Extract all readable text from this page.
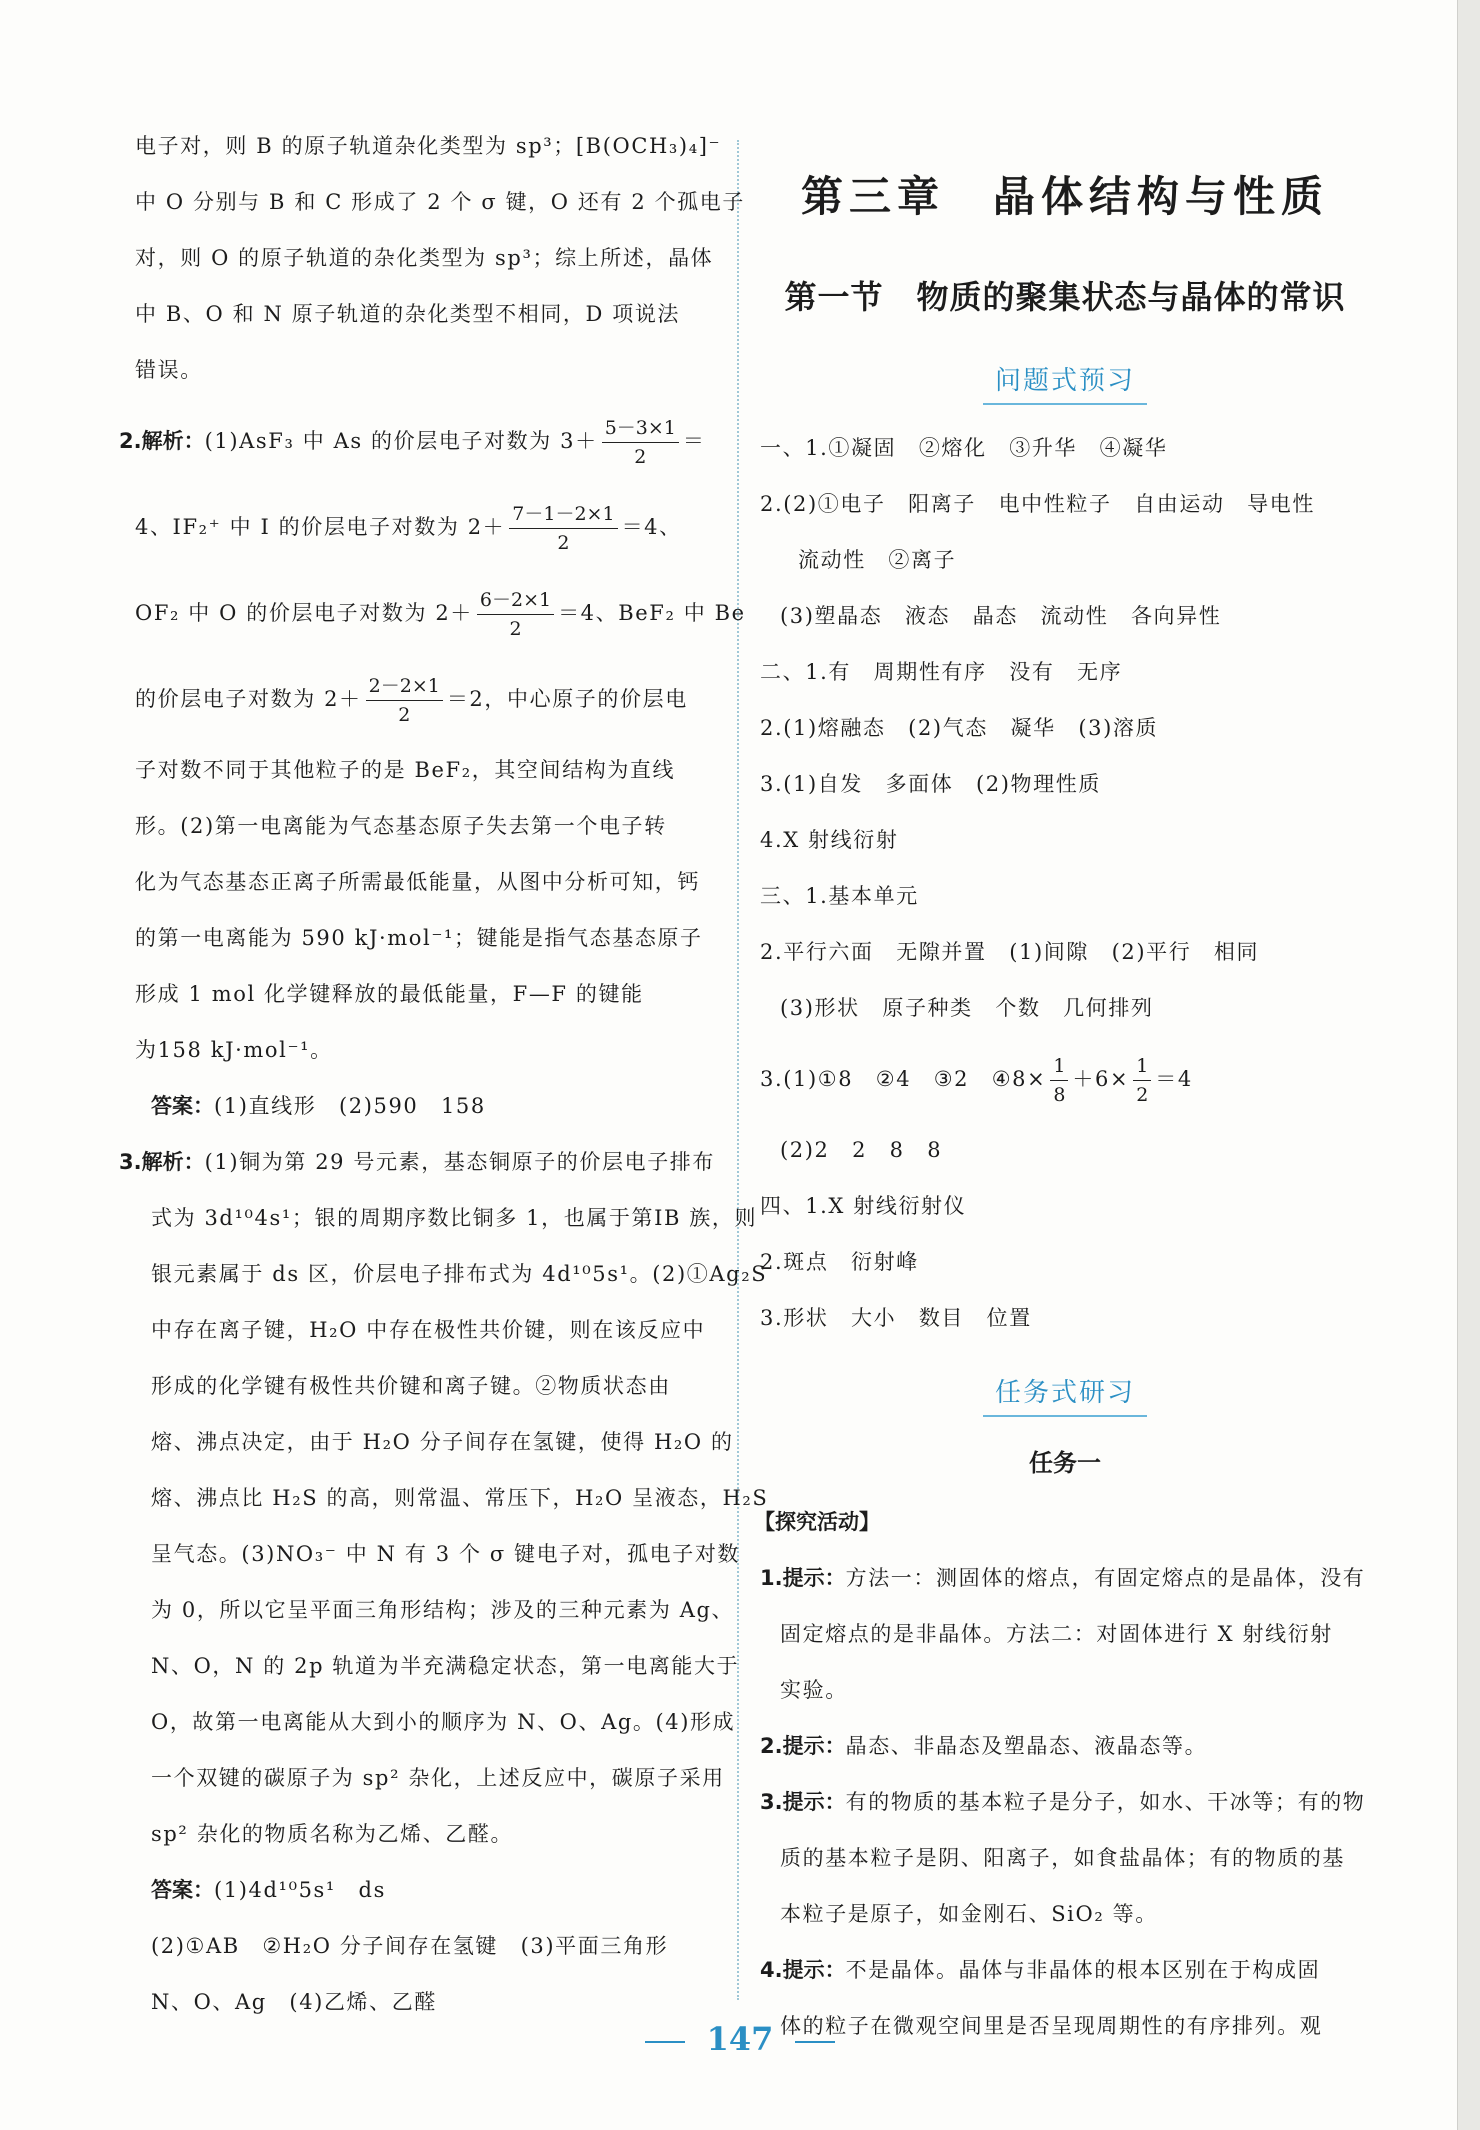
电子对，则 B 的原子轨道杂化类型为 sp³；[B(OCH₃)₄]⁻
中 O 分别与 B 和 C 形成了 2 个 σ 键，O 还有 2 个孤电子
对，则 O 的原子轨道的杂化类型为 sp³；综上所述，晶体
中 B、O 和 N 原子轨道的杂化类型不相同，D 项说法
错误。
2.解析：(1)AsF₃ 中 As 的价层电子对数为 $3+ \frac{5-3\times 1}{2}$ ＝
4、IF₂⁺ 中 I 的价层电子对数为 $2+ \frac{7-1-2\times 1}{2} =4$、
OF₂ 中 O 的价层电子对数为 $2+ \frac{6-2\times 1}{2} =4$、BeF₂ 中 Be
的价层电子对数为 $2+ \frac{2-2\times 1}{2} =2$，中心原子的价层电
子对数不同于其他粒子的是 BeF₂，其空间结构为直线
形。(2)第一电离能为气态基态原子失去第一个电子转
化为气态基态正离子所需最低能量，从图中分析可知，钙
的第一电离能为 590 kJ·mol⁻¹；键能是指气态基态原子
形成 1 mol 化学键释放的最低能量，F—F 的键能
为158 kJ·mol⁻¹。
答案：(1)直线形　(2)590　158
3.解析：(1)铜为第 29 号元素，基态铜原子的价层电子排布
式为 3d¹⁰4s¹；银的周期序数比铜多 1，也属于第ⅠB 族，则
银元素属于 ds 区，价层电子排布式为 4d¹⁰5s¹。(2)①Ag₂S
中存在离子键，H₂O 中存在极性共价键，则在该反应中
形成的化学键有极性共价键和离子键。②物质状态由
熔、沸点决定，由于 H₂O 分子间存在氢键，使得 H₂O 的
熔、沸点比 H₂S 的高，则常温、常压下，H₂O 呈液态，H₂S
呈气态。(3)NO₃⁻ 中 N 有 3 个 σ 键电子对，孤电子对数
为 0，所以它呈平面三角形结构；涉及的三种元素为 Ag、
N、O，N 的 2p 轨道为半充满稳定状态，第一电离能大于
O，故第一电离能从大到小的顺序为 N、O、Ag。(4)形成
一个双键的碳原子为 sp² 杂化，上述反应中，碳原子采用
sp² 杂化的物质名称为乙烯、乙醛。
答案：(1)4d¹⁰5s¹　ds
(2)①AB　②H₂O 分子间存在氢键　(3)平面三角形
N、O、Ag　(4)乙烯、乙醛
第三章　晶体结构与性质
第一节　物质的聚集状态与晶体的常识
问题式预习
一、1.①凝固　②熔化　③升华　④凝华
2.(2)①电子　阳离子　电中性粒子　自由运动　导电性
流动性　②离子
(3)塑晶态　液态　晶态　流动性　各向异性
二、1.有　周期性有序　没有　无序
2.(1)熔融态　(2)气态　凝华　(3)溶质
3.(1)自发　多面体　(2)物理性质
4.X 射线衍射
三、1.基本单元
2.平行六面　无隙并置　(1)间隙　(2)平行　相同
(3)形状　原子种类　个数　几何排列
3.(1)①8　②4　③2　④8× $\frac{1}{8} +6\times \frac{1}{2} =4$
(2)2　2　8　8
四、1.X 射线衍射仪
2.斑点　衍射峰
3.形状　大小　数目　位置
任务式研习
任务一
【探究活动】
1.提示：方法一：测固体的熔点，有固定熔点的是晶体，没有
固定熔点的是非晶体。方法二：对固体进行 X 射线衍射
实验。
2.提示：晶态、非晶态及塑晶态、液晶态等。
3.提示：有的物质的基本粒子是分子，如水、干冰等；有的物
质的基本粒子是阴、阳离子，如食盐晶体；有的物质的基
本粒子是原子，如金刚石、SiO₂ 等。
4.提示：不是晶体。晶体与非晶体的根本区别在于构成固
体的粒子在微观空间里是否呈现周期性的有序排列。观
147
